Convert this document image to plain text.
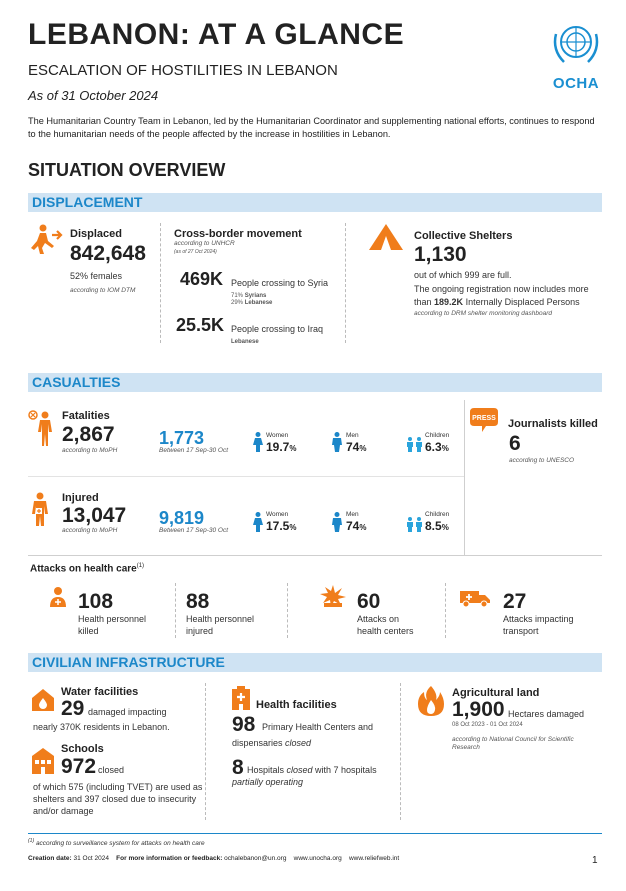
LEBANON: AT A GLANCE
ESCALATION OF HOSTILITIES IN LEBANON
As of 31 October 2024
OCHA
The Humanitarian Country Team in Lebanon, led by the Humanitarian Coordinator and supplementing national efforts, continues to respond to the humanitarian needs of the people affected by the increase in hostilities in Lebanon.
SITUATION OVERVIEW
DISPLACEMENT
Displaced
842,648
52% females
according to IOM DTM
Cross-border movement
according to UNHCR
(as of 27 Oct 2024)
469K People crossing to Syria
71% Syrians
29% Lebanese
25.5K People crossing to Iraq
Lebanese
Collective Shelters
1,130
out of which 999 are full.
The ongoing registration now includes more
than 189.2K Internally Displaced Persons
according to DRM shelter monitoring dashboard
CASUALTIES
Fatalities
2,867
according to MoPH
1,773
Between 17 Sep-30 Oct
Women
19.7%
Men
74%
Children
6.3%
PRESS Journalists killed
6
according to UNESCO
Injured
13,047
according to MoPH
9,819
Between 17 Sep-30 Oct
Women
17.5%
Men
74%
Children
8.5%
Attacks on health care$^{(1)}$
108
Health personnel
killed
88
Health personnel
injured
60
Attacks on
health centers
27
Attacks impacting
transport
CIVILIAN INFRASTRUCTURE
Water facilities
29 damaged impacting
nearly 370K residents in Lebanon.
Schools
972 closed
of which 575 (including TVET) are used as
shelters and 397 closed due to insecurity
and/or damage
Health facilities
98 Primary Health Centers and
dispensaries closed
8 Hospitals closed with 7 hospitals
partially operating
Agricultural land
1,900 Hectares damaged
08 Oct 2023 - 01 Oct 2024
according to National Council for Scientific
Research
$^{(1)}$ according to surveillance system for attacks on health care
Creation date: 31 Oct 2024 For more information or feedback: ochalebanon@un.org www.unocha.org www.reliefweb.int	1
